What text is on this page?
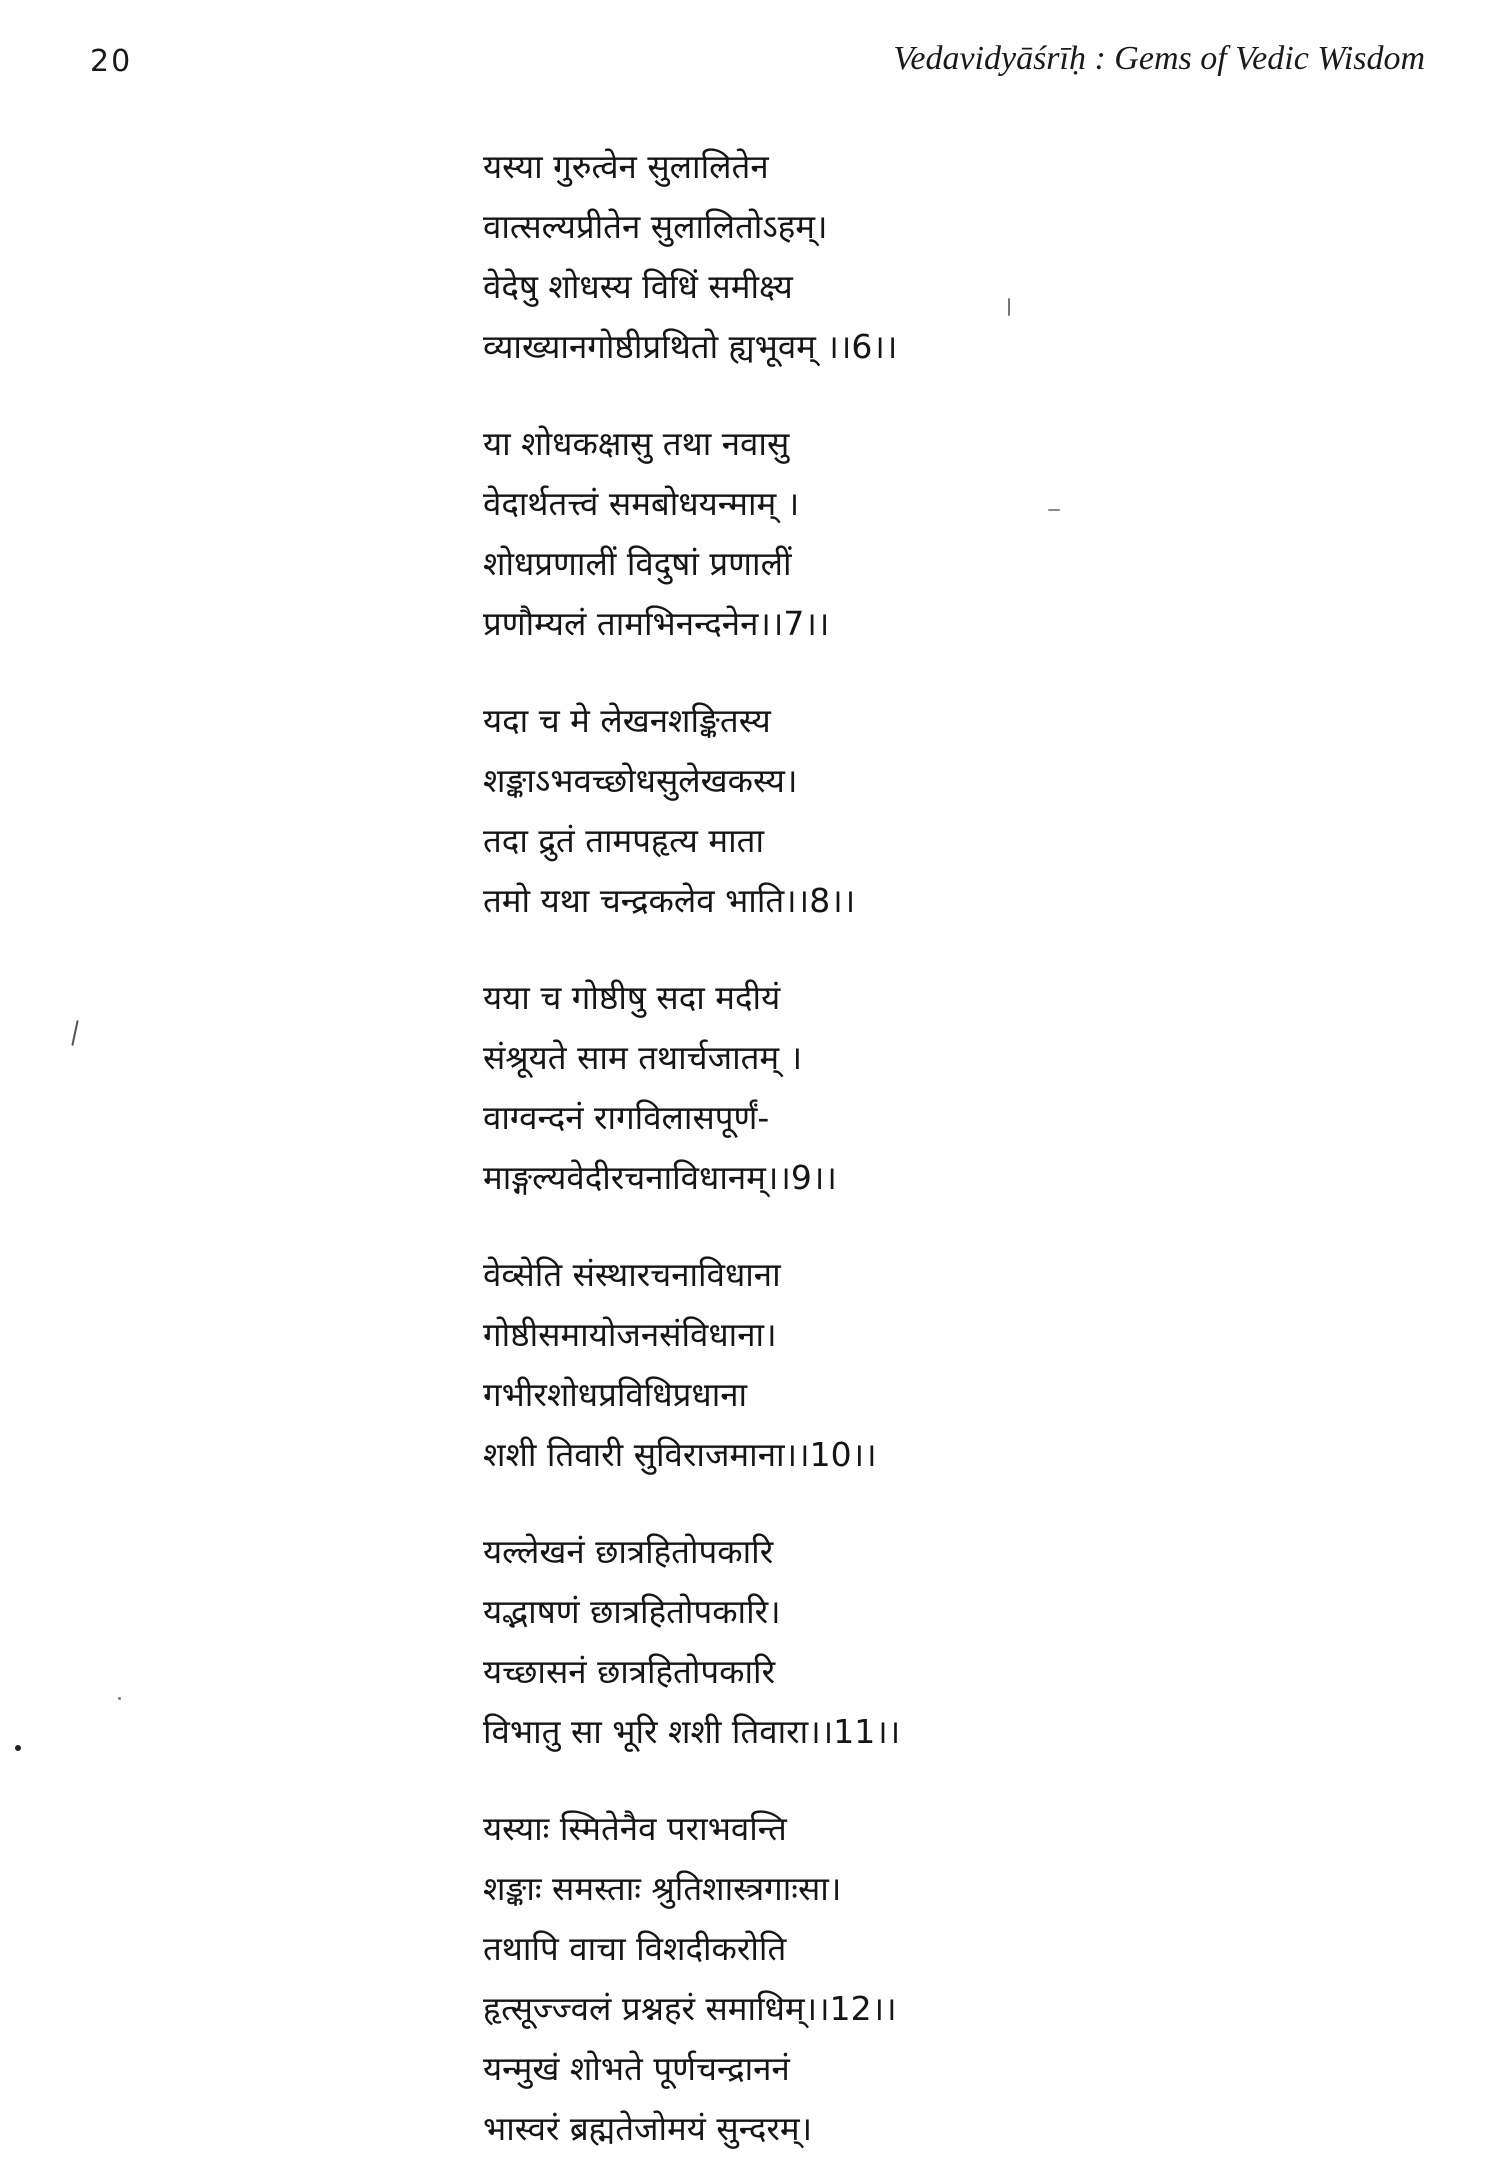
20	Vedavidyāśrīḥ : Gems of Vedic Wisdom
यस्या गुरुत्वेन सुलालितेन
वात्सल्यप्रीतेन सुलालितोऽहम्।
वेदेषु शोधस्य विधिं समीक्ष्य
व्याख्यानगोष्ठीप्रथितो ह्यभूवम् ।।6।।
या शोधकक्षासु तथा नवासु
वेदार्थतत्त्वं समबोधयन्माम् ।
शोधप्रणालीं विदुषां प्रणालीं
प्रणौम्यलं तामभिनन्दनेन।।7।।
यदा च मे लेखनशङ्कितस्य
शङ्काऽभवच्छोधसुलेखकस्य।
तदा द्रुतं तामपहृत्य माता
तमो यथा चन्द्रकलेव भाति।।8।।
यया च गोष्ठीषु सदा मदीयं
संश्रूयते साम तथार्चजातम् ।
वाग्वन्दनं रागविलासपूर्णं-
माङ्गल्यवेदीरचनाविधानम्।।9।।
वेव्सेति संस्थारचनाविधाना
गोष्ठीसमायोजनसंविधाना।
गभीरशोधप्रविधिप्रधाना
शशी तिवारी सुविराजमाना।।10।।
यल्लेखनं छात्रहितोपकारि
यद्भाषणं छात्रहितोपकारि।
यच्छासनं छात्रहितोपकारि
विभातु सा भूरि शशी तिवारा।।11।।
यस्याः स्मितेनैव पराभवन्ति
शङ्काः समस्ताः श्रुतिशास्त्रगाःसा।
तथापि वाचा विशदीकरोति
हृत्सूज्ज्वलं प्रश्नहरं समाधिम्।।12।।
यन्मुखं शोभते पूर्णचन्द्राननं
भास्वरं ब्रह्मतेजोमयं सुन्दरम्।
